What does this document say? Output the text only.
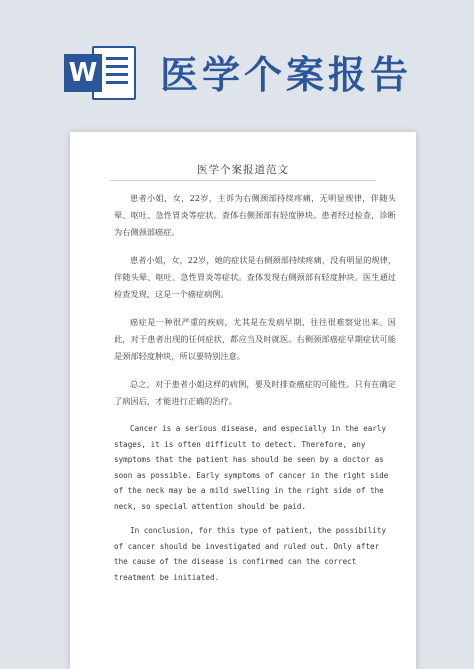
W 医学个案报告
医学个案报道范文

患者小姐，女，22岁，主诉为右侧颈部持续疼痛，无明显规律，伴随头晕、呕吐、急性胃炎等症状。查体右侧颈部有轻度肿块。患者经过检查，诊断为右侧颈部癌症。

患者小姐，女，22岁，她的症状是右侧颈部持续疼痛，没有明显的规律，伴随头晕、呕吐、急性胃炎等症状。查体发现右侧颈部有轻度肿块。医生通过检查发现，这是一个癌症病例。

癌症是一种很严重的疾病，尤其是在发病早期，往往很难察觉出来。因此，对于患者出现的任何症状，都应当及时就医。右侧颈部癌症早期症状可能是颈部轻度肿块，所以要特别注意。

总之，对于患者小姐这样的病例，要及时排查癌症的可能性。只有在确定了病因后，才能进行正确的治疗。

Cancer is a serious disease, and especially in the early stages, it is often difficult to detect. Therefore, any symptoms that the patient has should be seen by a doctor as soon as possible. Early symptoms of cancer in the right side of the neck may be a mild swelling in the right side of the neck, so special attention should be paid.

In conclusion, for this type of patient, the possibility of cancer should be investigated and ruled out. Only after the cause of the disease is confirmed can the correct treatment be initiated.
